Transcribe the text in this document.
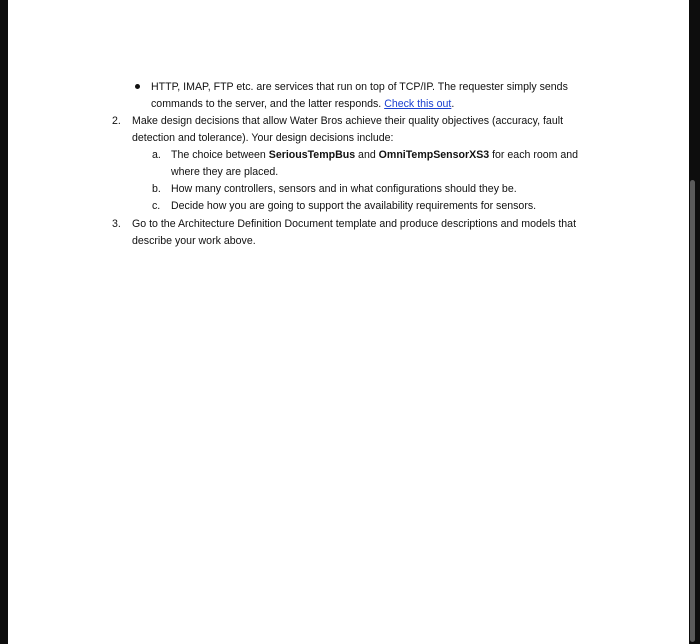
HTTP, IMAP, FTP etc. are services that run on top of TCP/IP. The requester simply sends
commands to the server, and the latter responds. Check this out.
2. Make design decisions that allow Water Bros achieve their quality objectives (accuracy, fault
detection and tolerance). Your design decisions include:
a. The choice between SeriousTempBus and OmniTempSensorXS3 for each room and
where they are placed.
b. How many controllers, sensors and in what configurations should they be.
c. Decide how you are going to support the availability requirements for sensors.
3. Go to the Architecture Definition Document template and produce descriptions and models that
describe your work above.
